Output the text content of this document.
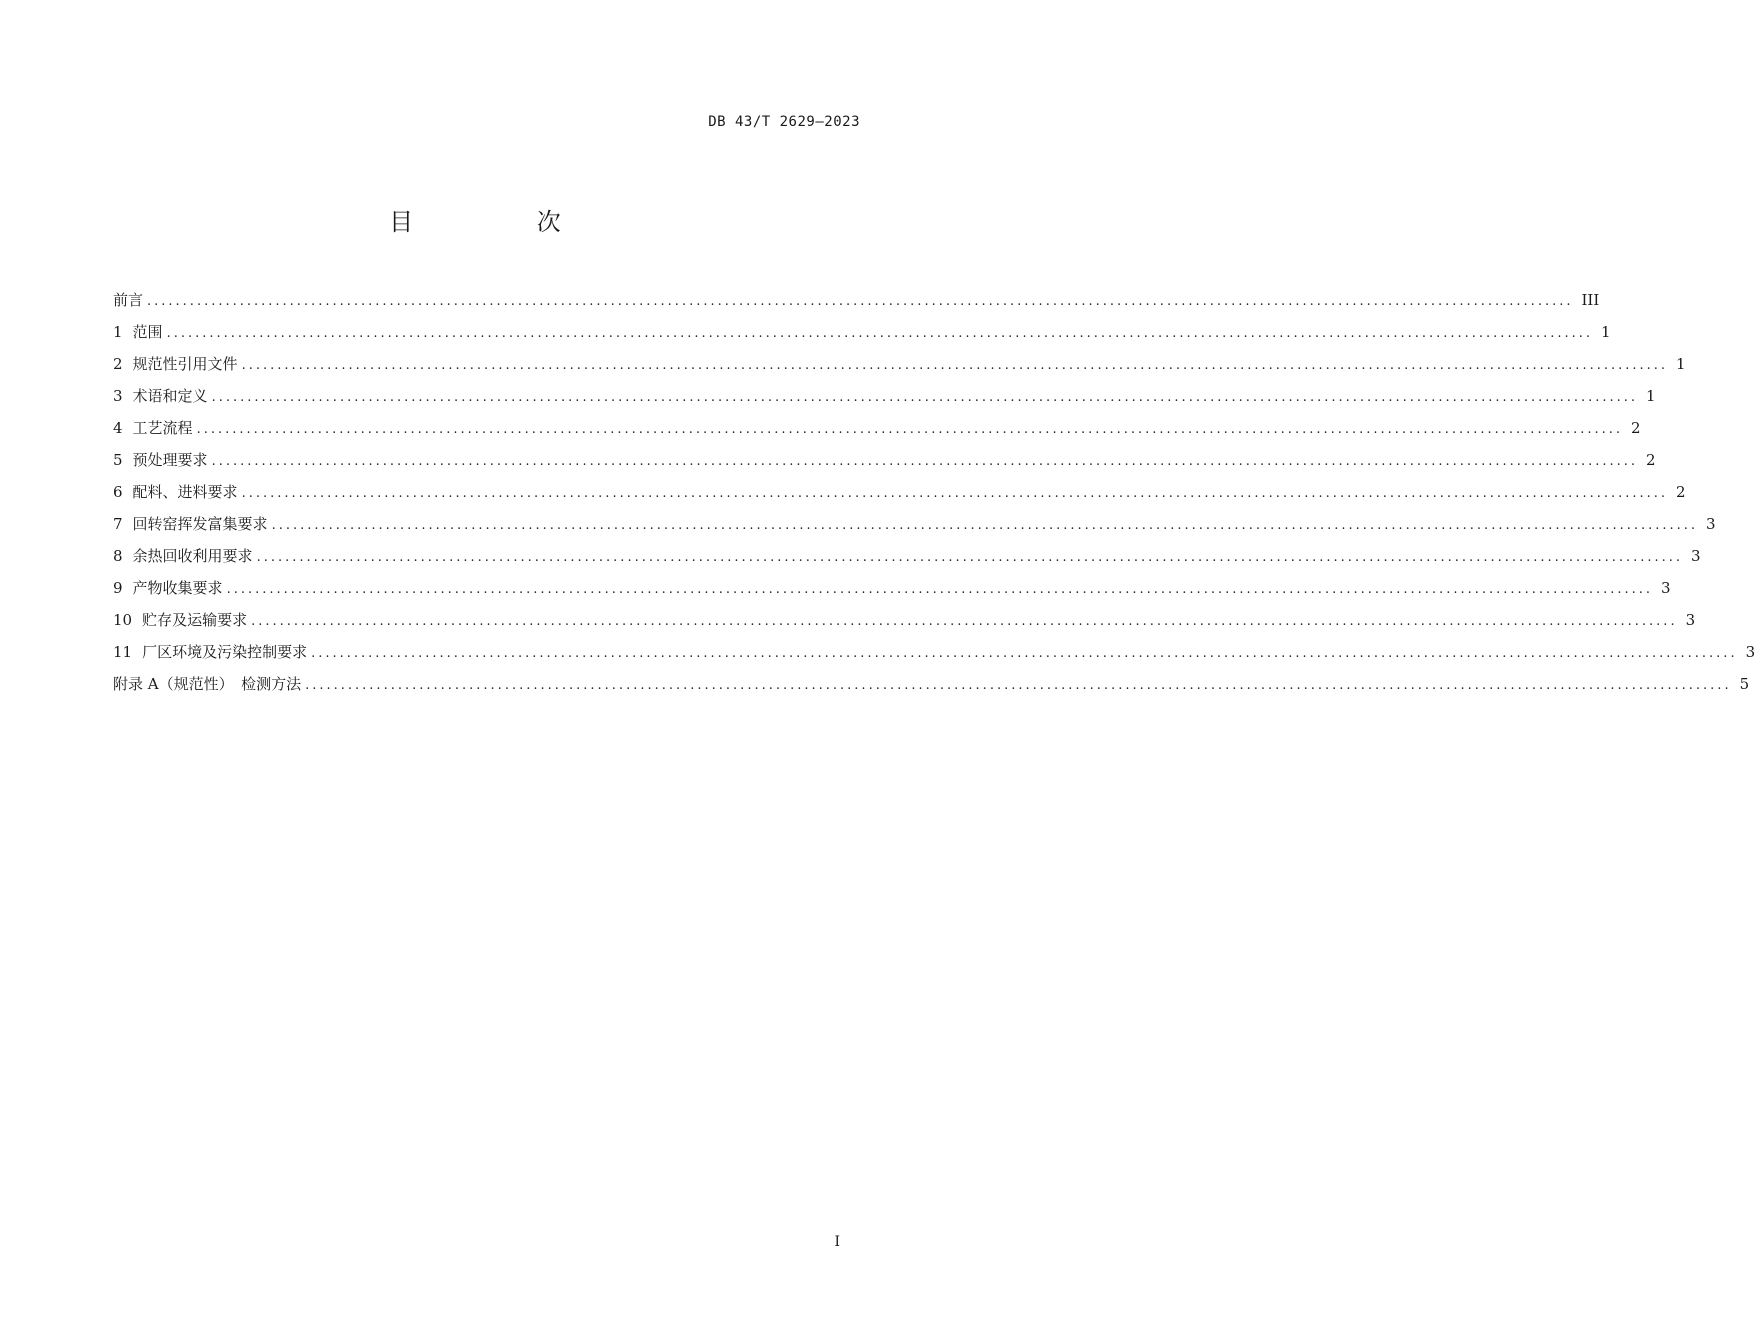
DB 43/T 2629—2023
目 次
前言 ........................................................................................................................................................................................................ III
1 范围 ........................................................................................................................................................................................................ 1
2 规范性引用文件 ........................................................................................................................................................................................................ 1
3 术语和定义 ........................................................................................................................................................................................................ 1
4 工艺流程 ........................................................................................................................................................................................................ 2
5 预处理要求 ........................................................................................................................................................................................................ 2
6 配料、进料要求 ........................................................................................................................................................................................................ 2
7 回转窑挥发富集要求 ........................................................................................................................................................................................................ 3
8 余热回收利用要求 ........................................................................................................................................................................................................ 3
9 产物收集要求 ........................................................................................................................................................................................................ 3
10 贮存及运输要求 ........................................................................................................................................................................................................ 3
11 厂区环境及污染控制要求 ........................................................................................................................................................................................................ 3
附录 A（规范性）　检测方法 ........................................................................................................................................................................................................ 5
I
